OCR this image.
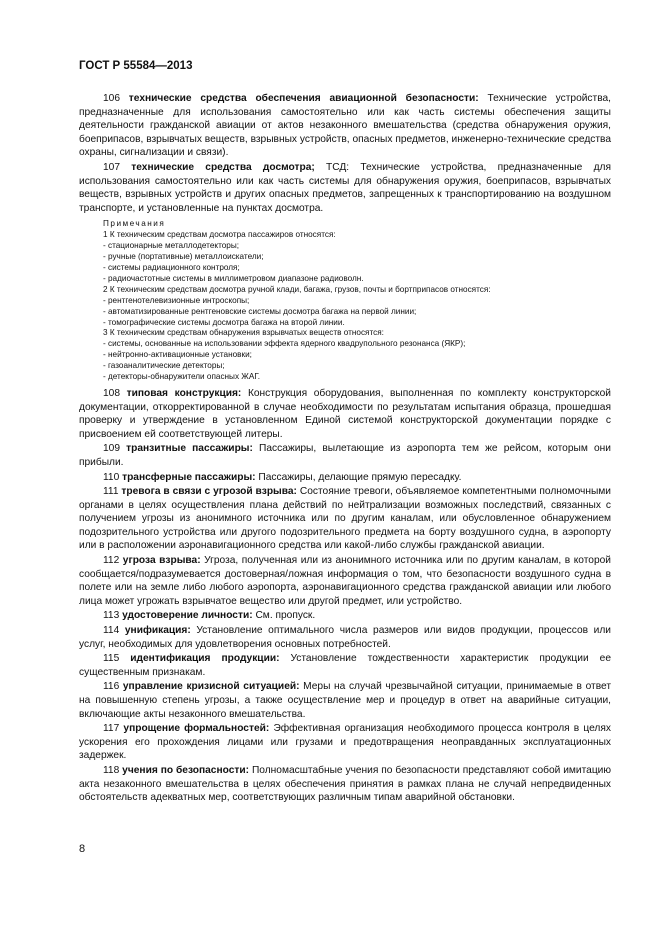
ГОСТ Р 55584—2013

106 технические средства обеспечения авиационной безопасности: Технические устройства, предназначенные для использования самостоятельно или как часть системы обеспечения защиты деятельности гражданской авиации от актов незаконного вмешательства (средства обнаружения оружия, боеприпасов, взрывчатых веществ, взрывных устройств, опасных предметов, инженерно-технические средства охраны, сигнализации и связи).

107 технические средства досмотра; ТСД: Технические устройства, предназначенные для использования самостоятельно или как часть системы для обнаружения оружия, боеприпасов, взрывчатых веществ, взрывных устройств и других опасных предметов, запрещенных к транспортированию на воздушном транспорте, и установленные на пунктах досмотра.

Примечания

1 К техническим средствам досмотра пассажиров относятся:

- стационарные металлодетекторы;

- ручные (портативные) металлоискатели;

- системы радиационного контроля;

- радиочастотные системы в миллиметровом диапазоне радиоволн.

2 К техническим средствам досмотра ручной клади, багажа, грузов, почты и бортприпасов относятся:

- рентгенотелевизионные интроскопы;

- автоматизированные рентгеновские системы досмотра багажа на первой линии;

- томографические системы досмотра багажа на второй линии.

3 К техническим средствам обнаружения взрывчатых веществ относятся:

- системы, основанные на использовании эффекта ядерного квадрупольного резонанса (ЯКР);

- нейтронно-активационные установки;

- газоаналитические детекторы;

- детекторы-обнаружители опасных ЖАГ.

108 типовая конструкция: Конструкция оборудования, выполненная по комплекту конструкторской документации, откорректированной в случае необходимости по результатам испытания образца, прошедшая проверку и утверждение в установленном Единой системой конструкторской документации порядке с присвоением ей соответствующей литеры.

109 транзитные пассажиры: Пассажиры, вылетающие из аэропорта тем же рейсом, которым они прибыли.

110 трансферные пассажиры: Пассажиры, делающие прямую пересадку.

111 тревога в связи с угрозой взрыва: Состояние тревоги, объявляемое компетентными полномочными органами в целях осуществления плана действий по нейтрализации возможных последствий, связанных с получением угрозы из анонимного источника или по другим каналам, или обусловленное обнаружением подозрительного устройства или другого подозрительного предмета на борту воздушного судна, в аэропорту или в расположении аэронавигационного средства или какой-либо службы гражданской авиации.

112 угроза взрыва: Угроза, полученная или из анонимного источника или по другим каналам, в которой сообщается/подразумевается достоверная/ложная информация о том, что безопасности воздушного судна в полете или на земле либо любого аэропорта, аэронавигационного средства гражданской авиации или любого лица может угрожать взрывчатое вещество или другой предмет, или устройство.

113 удостоверение личности: См. пропуск.

114 унификация: Установление оптимального числа размеров или видов продукции, процессов или услуг, необходимых для удовлетворения основных потребностей.

115 идентификация продукции: Установление тождественности характеристик продукции ее существенным признакам.

116 управление кризисной ситуацией: Меры на случай чрезвычайной ситуации, принимаемые в ответ на повышенную степень угрозы, а также осуществление мер и процедур в ответ на аварийные ситуации, включающие акты незаконного вмешательства.

117 упрощение формальностей: Эффективная организация необходимого процесса контроля в целях ускорения его прохождения лицами или грузами и предотвращения неоправданных эксплуатационных задержек.

118 учения по безопасности: Полномасштабные учения по безопасности представляют собой имитацию акта незаконного вмешательства в целях обеспечения принятия в рамках плана не случай непредвиденных обстоятельств адекватных мер, соответствующих различным типам аварийной обстановки.

8
